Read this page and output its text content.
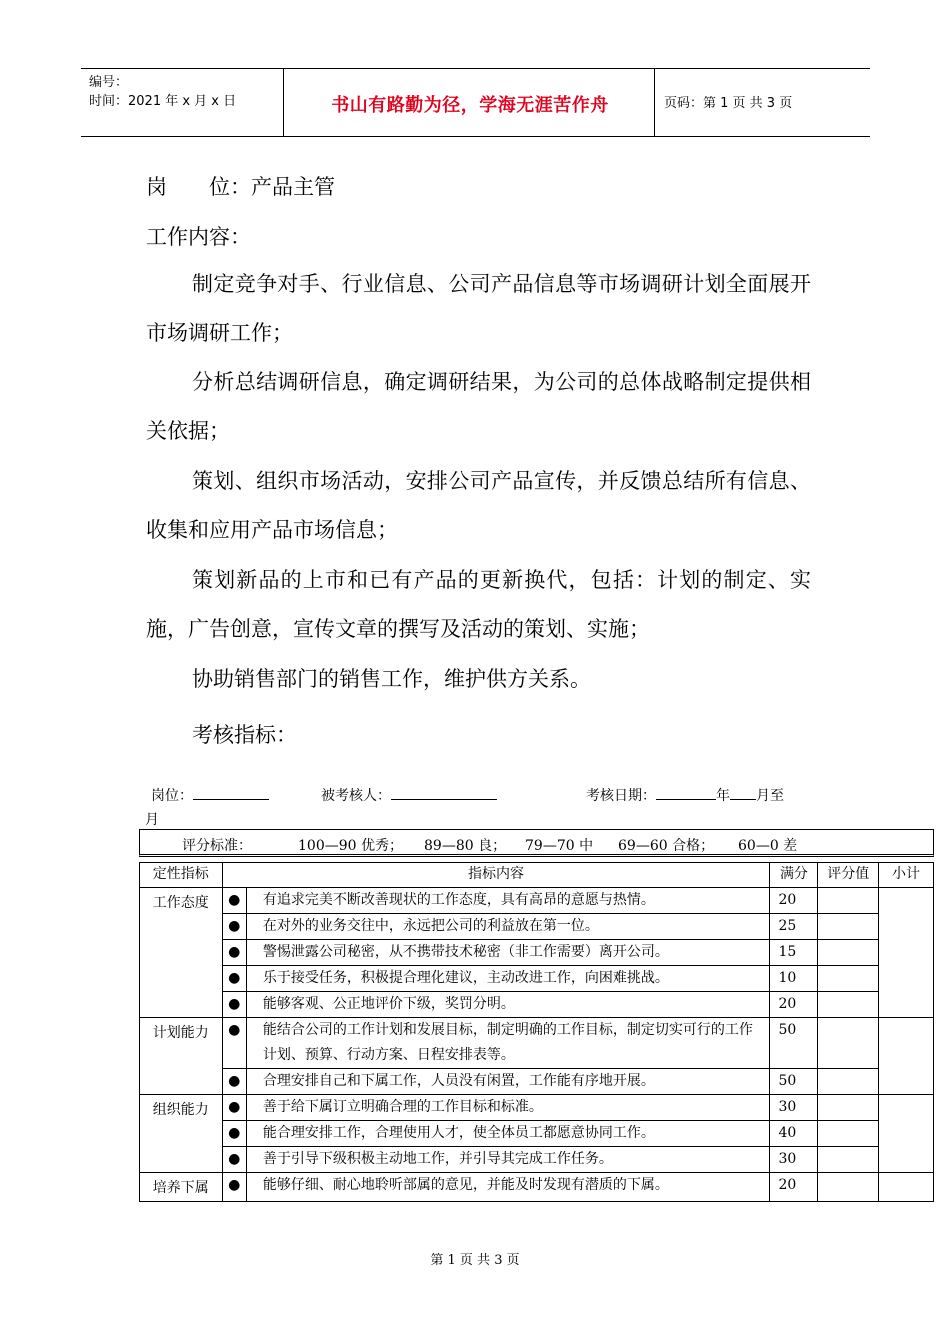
编号：
时间：2021 年 x 月 x 日	书山有路勤为径，学海无涯苦作舟	页码：第 1 页 共 3 页
岗　　位：产品主管
工作内容：
制定竞争对手、行业信息、公司产品信息等市场调研计划全面展开市场调研工作；
分析总结调研信息，确定调研结果，为公司的总体战略制定提供相关依据；
策划、组织市场活动，安排公司产品宣传，并反馈总结所有信息、收集和应用产品市场信息；
策划新品的上市和已有产品的更新换代，包括：计划的制定、实施，广告创意，宣传文章的撰写及活动的策划、实施；
协助销售部门的销售工作，维护供方关系。
考核指标：
岗位：	被考核人：	考核日期：	年 月至
月
评分标准：	100—90 优秀； 89—80 良； 79—70 中 69—60 合格； 60—0 差
定性指标	指标内容		满分	评分值	小计
工作态度	●	有追求完美不断改善现状的工作态度，具有高昂的意愿与热情。	20		
	●	在对外的业务交往中，永远把公司的利益放在第一位。	25		
	●	警惕泄露公司秘密，从不携带技术秘密（非工作需要）离开公司。	15		
	●	乐于接受任务，积极提合理化建议，主动改进工作，向困难挑战。	10		
	●	能够客观、公正地评价下级，奖罚分明。	20		
计划能力	●	能结合公司的工作计划和发展目标，制定明确的工作目标，制定切实可行的工作计划、预算、行动方案、日程安排表等。	50		
	●	合理安排自己和下属工作，人员没有闲置，工作能有序地开展。	50		
组织能力	●	善于给下属订立明确合理的工作目标和标准。	30		
	●	能合理安排工作，合理使用人才，使全体员工都愿意协同工作。	40		
	●	善于引导下级积极主动地工作，并引导其完成工作任务。	30		
培养下属	●	能够仔细、耐心地聆听部属的意见，并能及时发现有潜质的下属。	20		
第 1 页 共 3 页
